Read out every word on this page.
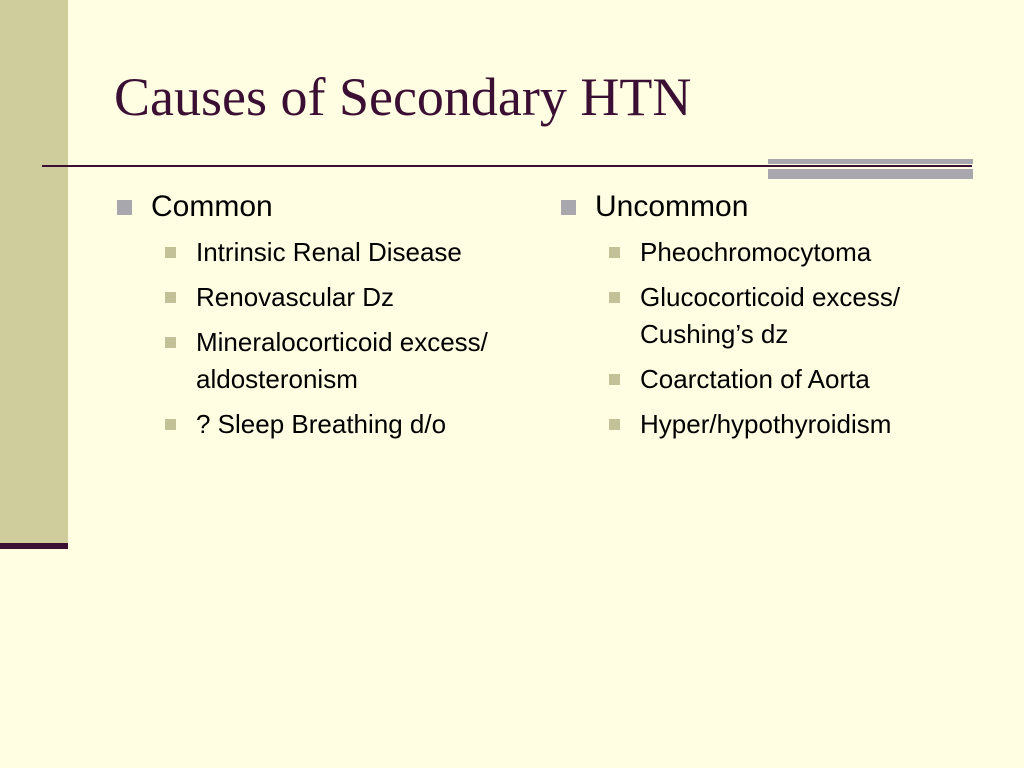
Causes of Secondary HTN
Common
Intrinsic Renal Disease
Renovascular Dz
Mineralocorticoid excess/ aldosteronism
? Sleep Breathing d/o
Uncommon
Pheochromocytoma
Glucocorticoid excess/ Cushing’s dz
Coarctation of Aorta
Hyper/hypothyroidism
